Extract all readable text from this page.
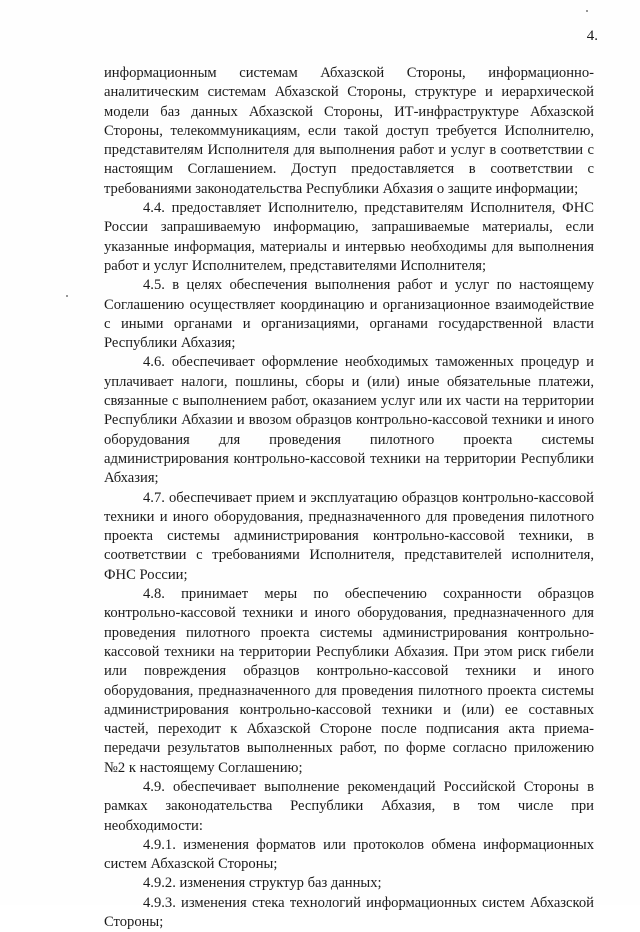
4.

информационным системам Абхазской Стороны, информационно-аналитическим системам Абхазской Стороны, структуре и иерархической модели баз данных Абхазской Стороны, ИТ-инфраструктуре Абхазской Стороны, телекоммуникациям, если такой доступ требуется Исполнителю, представителям Исполнителя для выполнения работ и услуг в соответствии с настоящим Соглашением. Доступ предоставляется в соответствии с требованиями законодательства Республики Абхазия о защите информации;

4.4. предоставляет Исполнителю, представителям Исполнителя, ФНС России запрашиваемую информацию, запрашиваемые материалы, если указанные информация, материалы и интервью необходимы для выполнения работ и услуг Исполнителем, представителями Исполнителя;

4.5. в целях обеспечения выполнения работ и услуг по настоящему Соглашению осуществляет координацию и организационное взаимодействие с иными органами и организациями, органами государственной власти Республики Абхазия;

4.6. обеспечивает оформление необходимых таможенных процедур и уплачивает налоги, пошлины, сборы и (или) иные обязательные платежи, связанные с выполнением работ, оказанием услуг или их части на территории Республики Абхазии и ввозом образцов контрольно-кассовой техники и иного оборудования для проведения пилотного проекта системы администрирования контрольно-кассовой техники на территории Республики Абхазия;

4.7. обеспечивает прием и эксплуатацию образцов контрольно-кассовой техники и иного оборудования, предназначенного для проведения пилотного проекта системы администрирования контрольно-кассовой техники, в соответствии с требованиями Исполнителя, представителей исполнителя, ФНС России;

4.8. принимает меры по обеспечению сохранности образцов контрольно-кассовой техники и иного оборудования, предназначенного для проведения пилотного проекта системы администрирования контрольно-кассовой техники на территории Республики Абхазия. При этом риск гибели или повреждения образцов контрольно-кассовой техники и иного оборудования, предназначенного для проведения пилотного проекта системы администрирования контрольно-кассовой техники и (или) ее составных частей, переходит к Абхазской Стороне после подписания акта приема-передачи результатов выполненных работ, по форме согласно приложению №2 к настоящему Соглашению;

4.9. обеспечивает выполнение рекомендаций Российской Стороны в рамках законодательства Республики Абхазия, в том числе при необходимости:

4.9.1. изменения форматов или протоколов обмена информационных систем Абхазской Стороны;

4.9.2. изменения структур баз данных;

4.9.3. изменения стека технологий информационных систем Абхазской Стороны;
